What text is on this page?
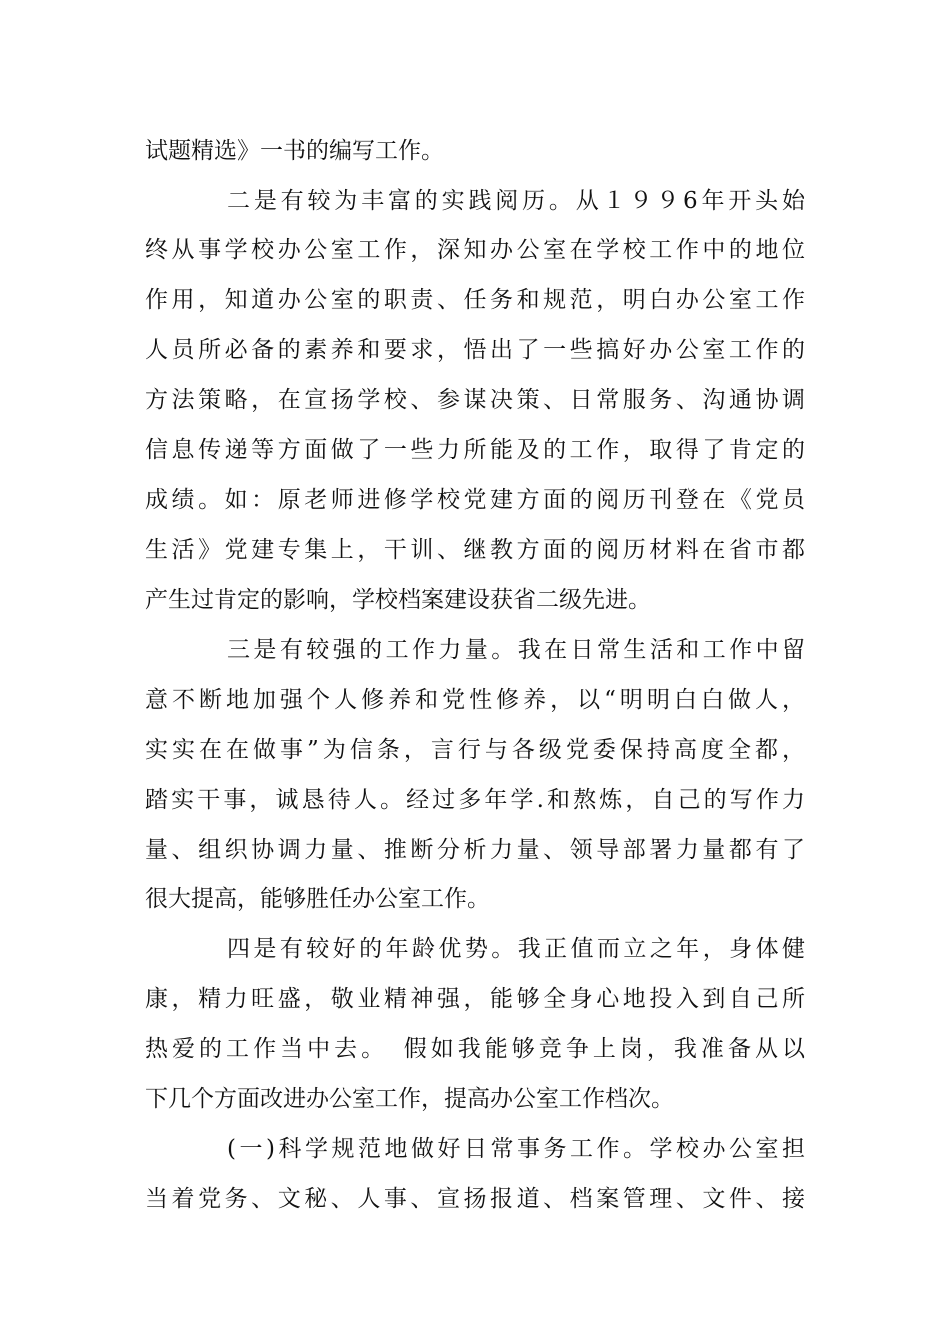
试题精选》一书的编写工作。
二是有较为丰富的实践阅历。从１９９6年开头始
终从事学校办公室工作，深知办公室在学校工作中的地位
作用，知道办公室的职责、任务和规范，明白办公室工作
人员所必备的素养和要求，悟出了一些搞好办公室工作的
方法策略，在宣扬学校、参谋决策、日常服务、沟通协调
信息传递等方面做了一些力所能及的工作，取得了肯定的
成绩。如：原老师进修学校党建方面的阅历刊登在《党员
生活》党建专集上，干训、继教方面的阅历材料在省市都
产生过肯定的影响，学校档案建设获省二级先进。
三是有较强的工作力量。我在日常生活和工作中留
意不断地加强个人修养和党性修养，以“明明白白做人，
实实在在做事”为信条，言行与各级党委保持高度全都，
踏实干事，诚恳待人。经过多年学.和熬炼，自己的写作力
量、组织协调力量、推断分析力量、领导部署力量都有了
很大提高，能够胜任办公室工作。
四是有较好的年龄优势。我正值而立之年，身体健
康，精力旺盛，敬业精神强，能够全身心地投入到自己所
热爱的工作当中去。　假如我能够竞争上岗，我准备从以
下几个方面改进办公室工作，提高办公室工作档次。
(一)科学规范地做好日常事务工作。学校办公室担
当着党务、文秘、人事、宣扬报道、档案管理、文件、接
